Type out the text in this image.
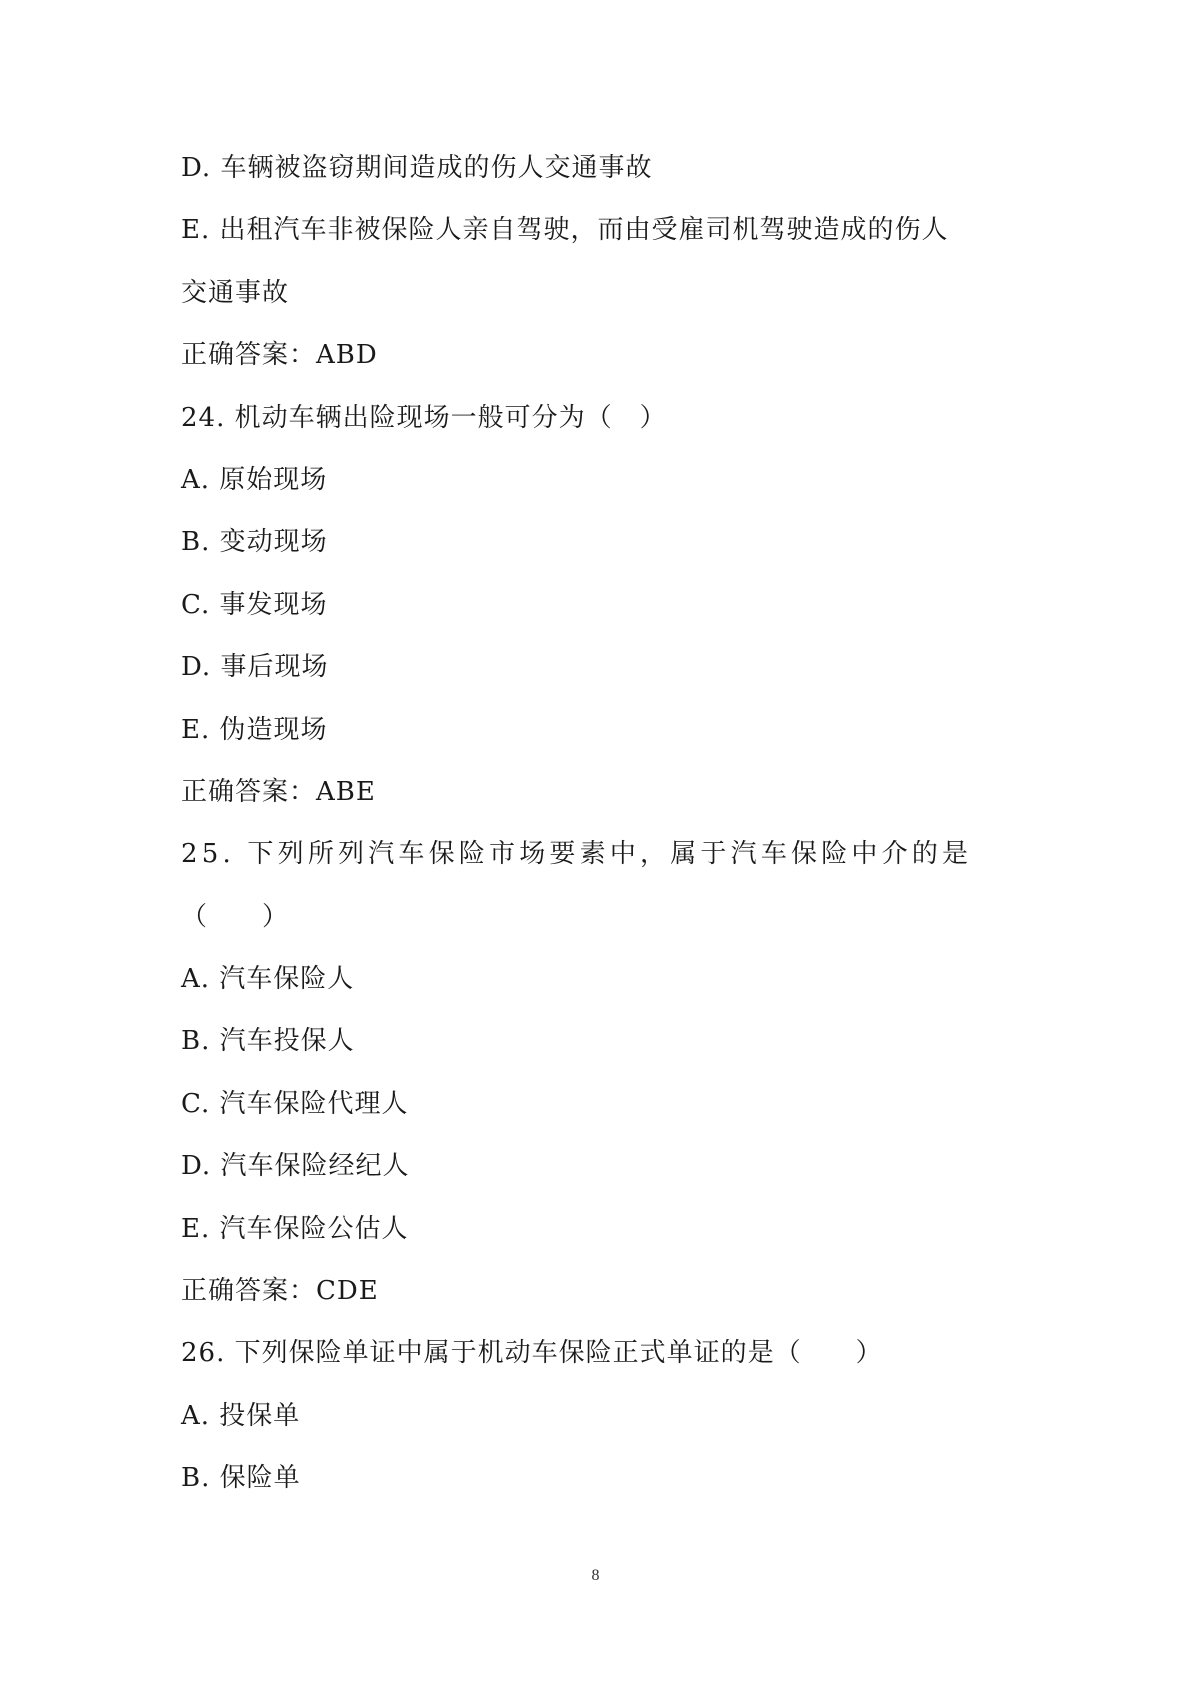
D. 车辆被盗窃期间造成的伤人交通事故
E. 出租汽车非被保险人亲自驾驶，而由受雇司机驾驶造成的伤人
交通事故
正确答案：ABD
24. 机动车辆出险现场一般可分为（　）
A. 原始现场
B. 变动现场
C. 事发现场
D. 事后现场
E. 伪造现场
正确答案：ABE
25. 下列所列汽车保险市场要素中，属于汽车保险中介的是
（　　）
A. 汽车保险人
B. 汽车投保人
C. 汽车保险代理人
D. 汽车保险经纪人
E. 汽车保险公估人
正确答案：CDE
26. 下列保险单证中属于机动车保险正式单证的是（　　）
A. 投保单
B. 保险单
8
